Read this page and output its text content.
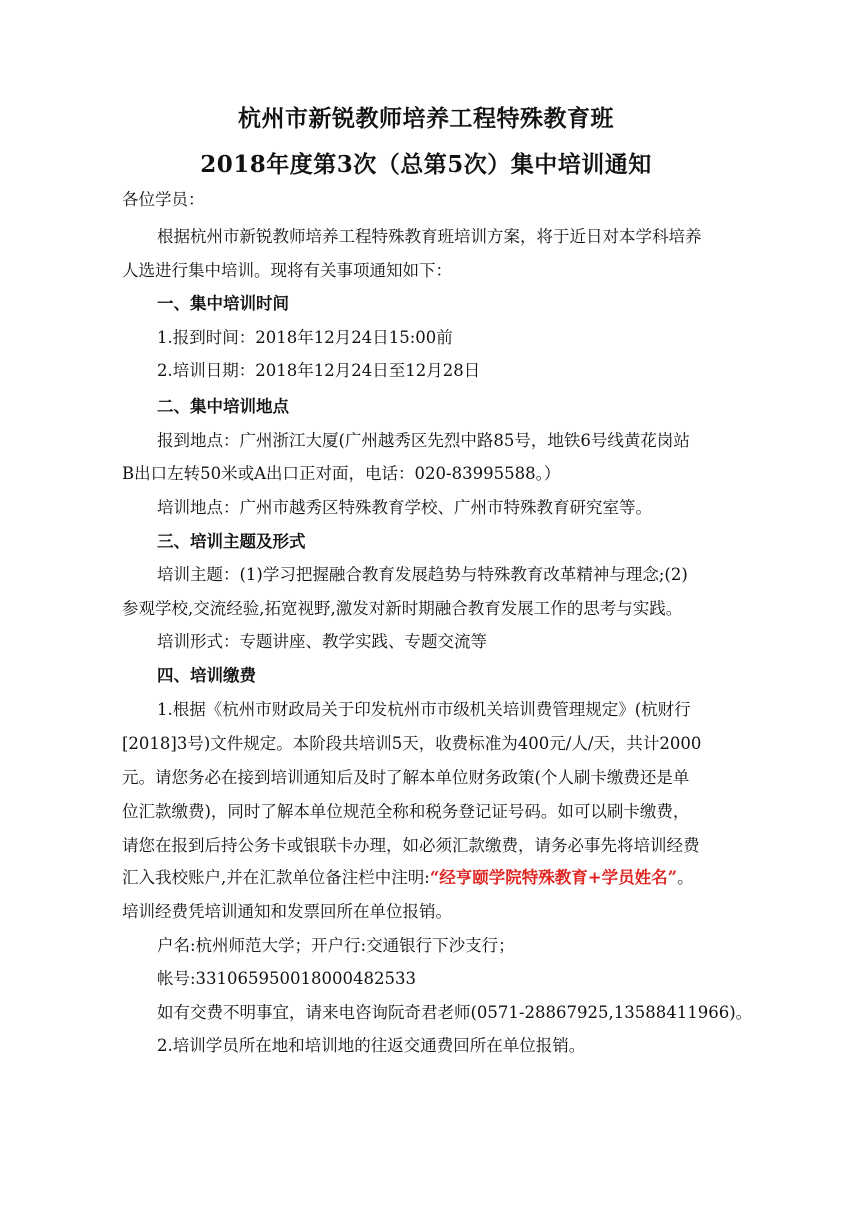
杭州市新锐教师培养工程特殊教育班
2018年度第3次（总第5次）集中培训通知
各位学员：
根据杭州市新锐教师培养工程特殊教育班培训方案，将于近日对本学科培养
人选进行集中培训。现将有关事项通知如下：
一、集中培训时间
1.报到时间：2018年12月24日15:00前
2.培训日期：2018年12月24日至12月28日
二、集中培训地点
报到地点：广州浙江大厦(广州越秀区先烈中路85号，地铁6号线黄花岗站
B出口左转50米或A出口正对面，电话：020-83995588。）
培训地点：广州市越秀区特殊教育学校、广州市特殊教育研究室等。
三、培训主题及形式
培训主题：(1)学习把握融合教育发展趋势与特殊教育改革精神与理念;(2)
参观学校,交流经验,拓宽视野,激发对新时期融合教育发展工作的思考与实践。
培训形式：专题讲座、教学实践、专题交流等
四、培训缴费
1.根据《杭州市财政局关于印发杭州市市级机关培训费管理规定》(杭财行
[2018]3号)文件规定。本阶段共培训5天，收费标准为400元/人/天，共计2000
元。请您务必在接到培训通知后及时了解本单位财务政策(个人刷卡缴费还是单
位汇款缴费)，同时了解本单位规范全称和税务登记证号码。如可以刷卡缴费，
请您在报到后持公务卡或银联卡办理，如必须汇款缴费，请务必事先将培训经费
汇入我校账户,并在汇款单位备注栏中注明:“经亨颐学院特殊教育+学员姓名”。
培训经费凭培训通知和发票回所在单位报销。
户名:杭州师范大学；开户行:交通银行下沙支行；
帐号:331065950018000482533
如有交费不明事宜，请来电咨询阮奇君老师(0571-28867925,13588411966)。
2.培训学员所在地和培训地的往返交通费回所在单位报销。
